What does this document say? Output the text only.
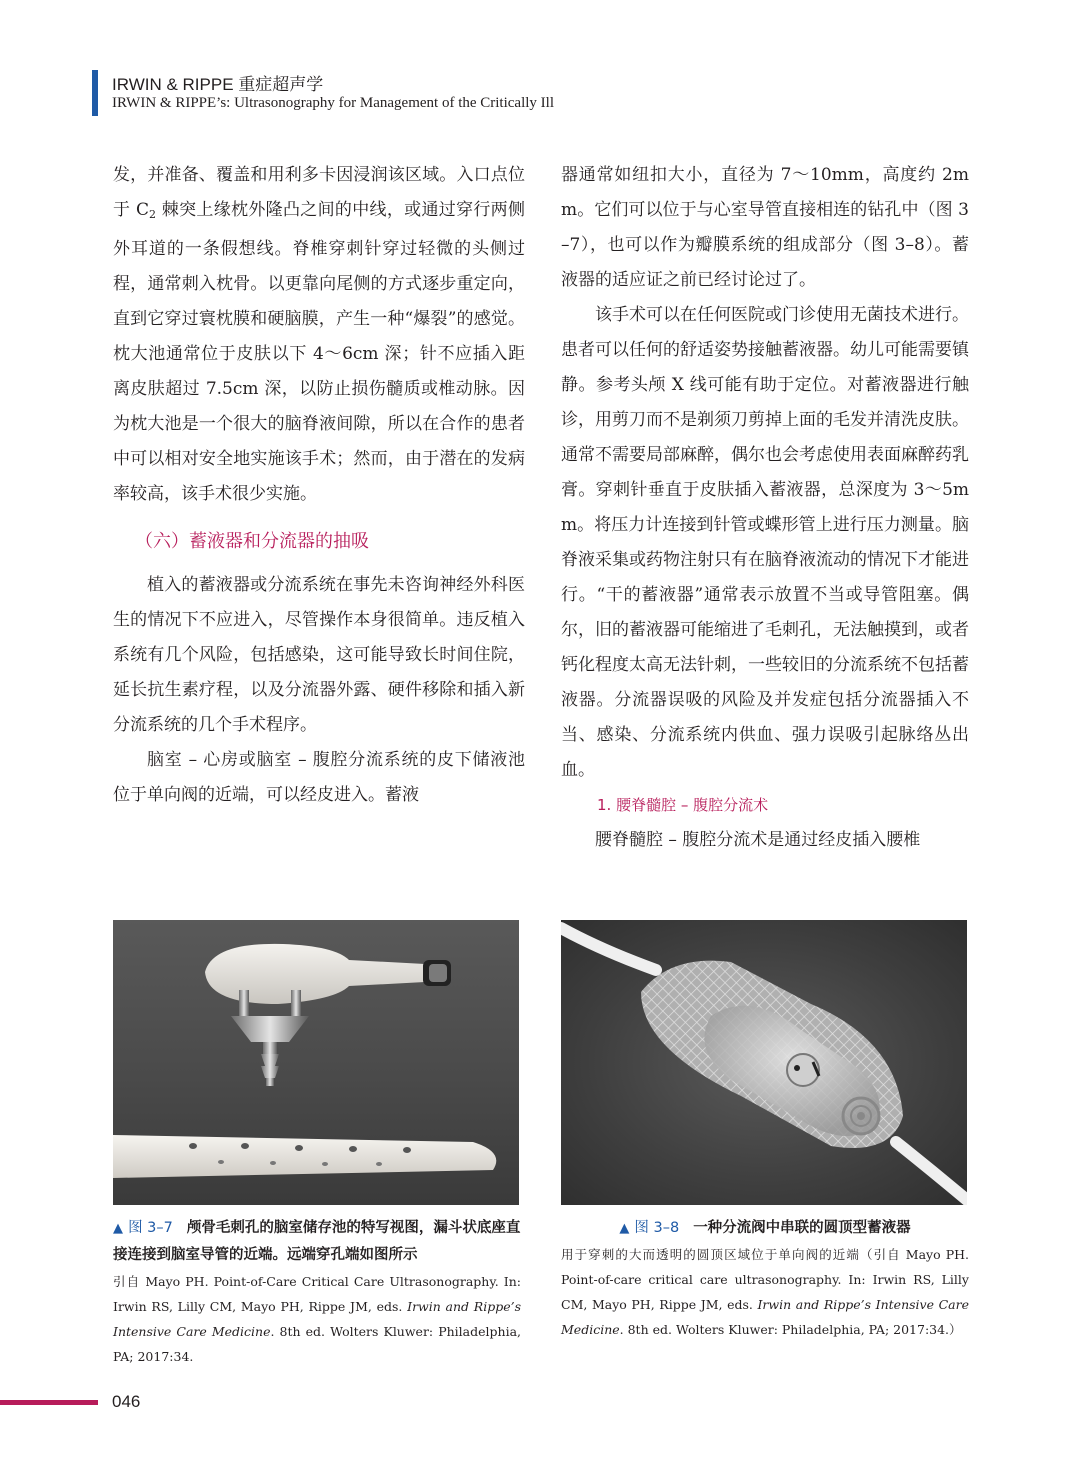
IRWIN & RIPPE 重症超声学
IRWIN & RIPPE’s: Ultrasonography for Management of the Critically Ill

发，并准备、覆盖和用利多卡因浸润该区域。入口点位于 $C_2$ 棘突上缘枕外隆凸之间的中线，或通过穿行两侧外耳道的一条假想线。脊椎穿刺针穿过轻微的头侧过程，通常刺入枕骨。以更靠向尾侧的方式逐步重定向，直到它穿过寰枕膜和硬脑膜，产生一种“爆裂”的感觉。枕大池通常位于皮肤以下 4～6cm 深；针不应插入距离皮肤超过 7.5cm 深，以防止损伤髓质或椎动脉。因为枕大池是一个很大的脑脊液间隙，所以在合作的患者中可以相对安全地实施该手术；然而，由于潜在的发病率较高，该手术很少实施。

（六）蓄液器和分流器的抽吸

植入的蓄液器或分流系统在事先未咨询神经外科医生的情况下不应进入，尽管操作本身很简单。违反植入系统有几个风险，包括感染，这可能导致长时间住院，延长抗生素疗程，以及分流器外露、硬件移除和插入新分流系统的几个手术程序。

脑室 – 心房或脑室 – 腹腔分流系统的皮下储液池位于单向阀的近端，可以经皮进入。蓄液

器通常如纽扣大小，直径为 7～10mm，高度约 2mm。它们可以位于与心室导管直接相连的钻孔中（图 3–7），也可以作为瓣膜系统的组成部分（图 3–8）。蓄液器的适应证之前已经讨论过了。

该手术可以在任何医院或门诊使用无菌技术进行。患者可以任何的舒适姿势接触蓄液器。幼儿可能需要镇静。参考头颅 X 线可能有助于定位。对蓄液器进行触诊，用剪刀而不是剃须刀剪掉上面的毛发并清洗皮肤。通常不需要局部麻醉，偶尔也会考虑使用表面麻醉药乳膏。穿刺针垂直于皮肤插入蓄液器，总深度为 3～5mm。将压力计连接到针管或蝶形管上进行压力测量。脑脊液采集或药物注射只有在脑脊液流动的情况下才能进行。“干的蓄液器”通常表示放置不当或导管阻塞。偶尔，旧的蓄液器可能缩进了毛刺孔，无法触摸到，或者钙化程度太高无法针刺，一些较旧的分流系统不包括蓄液器。分流器误吸的风险及并发症包括分流器插入不当、感染、分流系统内供血、强力误吸引起脉络丛出血。

1. 腰脊髓腔 – 腹腔分流术

腰脊髓腔 – 腹腔分流术是通过经皮插入腰椎

▲ 图 3–7 颅骨毛刺孔的脑室储存池的特写视图，漏斗状底座直接连接到脑室导管的近端。远端穿孔端如图所示
引自 Mayo PH. Point-of-Care Critical Care Ultrasonography. In: Irwin RS, Lilly CM, Mayo PH, Rippe JM, eds. Irwin and Rippe’s Intensive Care Medicine. 8th ed. Wolters Kluwer: Philadelphia, PA; 2017:34.
▲ 图 3–8 一种分流阀中串联的圆顶型蓄液器
用于穿刺的大而透明的圆顶区域位于单向阀的近端（引自 Mayo PH. Point-of-care critical care ultrasonography. In: Irwin RS, Lilly CM, Mayo PH, Rippe JM, eds. Irwin and Rippe’s Intensive Care Medicine. 8th ed. Wolters Kluwer: Philadelphia, PA; 2017:34.）
046
